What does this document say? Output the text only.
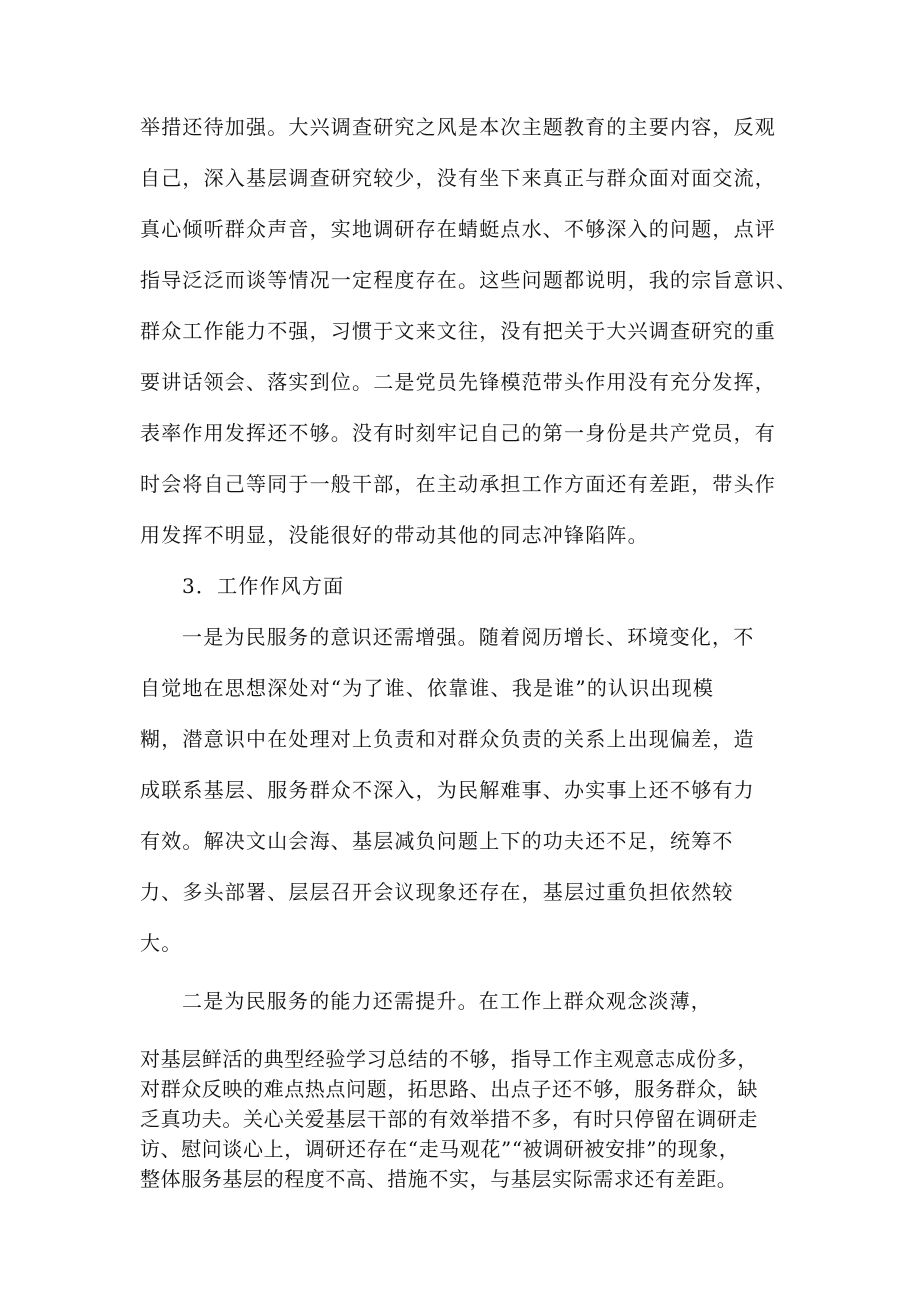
举措还待加强。大兴调查研究之风是本次主题教育的主要内容，反观
自己，深入基层调查研究较少，没有坐下来真正与群众面对面交流，
真心倾听群众声音，实地调研存在蜻蜓点水、不够深入的问题，点评
指导泛泛而谈等情况一定程度存在。这些问题都说明，我的宗旨意识、
群众工作能力不强，习惯于文来文往，没有把关于大兴调查研究的重
要讲话领会、落实到位。二是党员先锋模范带头作用没有充分发挥，
表率作用发挥还不够。没有时刻牢记自己的第一身份是共产党员，有
时会将自己等同于一般干部，在主动承担工作方面还有差距，带头作
用发挥不明显，没能很好的带动其他的同志冲锋陷阵。
3．工作作风方面
一是为民服务的意识还需增强。随着阅历增长、环境变化，不
自觉地在思想深处对“为了谁、依靠谁、我是谁”的认识出现模
糊，潜意识中在处理对上负责和对群众负责的关系上出现偏差，造
成联系基层、服务群众不深入，为民解难事、办实事上还不够有力
有效。解决文山会海、基层减负问题上下的功夫还不足，统筹不
力、多头部署、层层召开会议现象还存在，基层过重负担依然较
大。
二是为民服务的能力还需提升。在工作上群众观念淡薄，
对基层鲜活的典型经验学习总结的不够，指导工作主观意志成份多，
对群众反映的难点热点问题，拓思路、出点子还不够，服务群众，缺
乏真功夫。关心关爱基层干部的有效举措不多，有时只停留在调研走
访、慰问谈心上，调研还存在“走马观花”“被调研被安排”的现象，
整体服务基层的程度不高、措施不实，与基层实际需求还有差距。
